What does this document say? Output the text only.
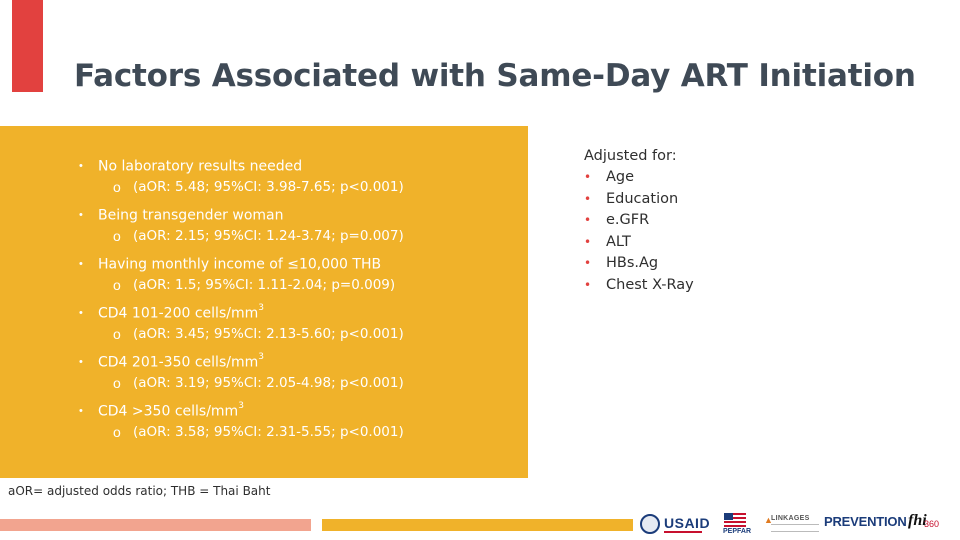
Factors Associated with Same-Day ART Initiation
• No laboratory results needed
o (aOR: 5.48; 95%CI: 3.98-7.65; p<0.001)
• Being transgender woman
o (aOR: 2.15; 95%CI: 1.24-3.74; p=0.007)
• Having monthly income of ≤10,000 THB
o (aOR: 1.5; 95%CI: 1.11-2.04; p=0.009)
• CD4 101-200 cells/$mm^3$
o (aOR: 3.45; 95%CI: 2.13-5.60; p<0.001)
• CD4 201-350 cells/$mm^3$
o (aOR: 3.19; 95%CI: 2.05-4.98; p<0.001)
• CD4 >350 cells/$mm^3$
o (aOR: 3.58; 95%CI: 2.31-5.55; p<0.001)
Adjusted for:
• Age
• Education
• e.GFR
• ALT
• HBs.Ag
• Chest X-Ray
aOR= adjusted odds ratio; THB = Thai Baht
USAID
PEPFAR
▲
LINKAGES PREVENTION fhi
360
